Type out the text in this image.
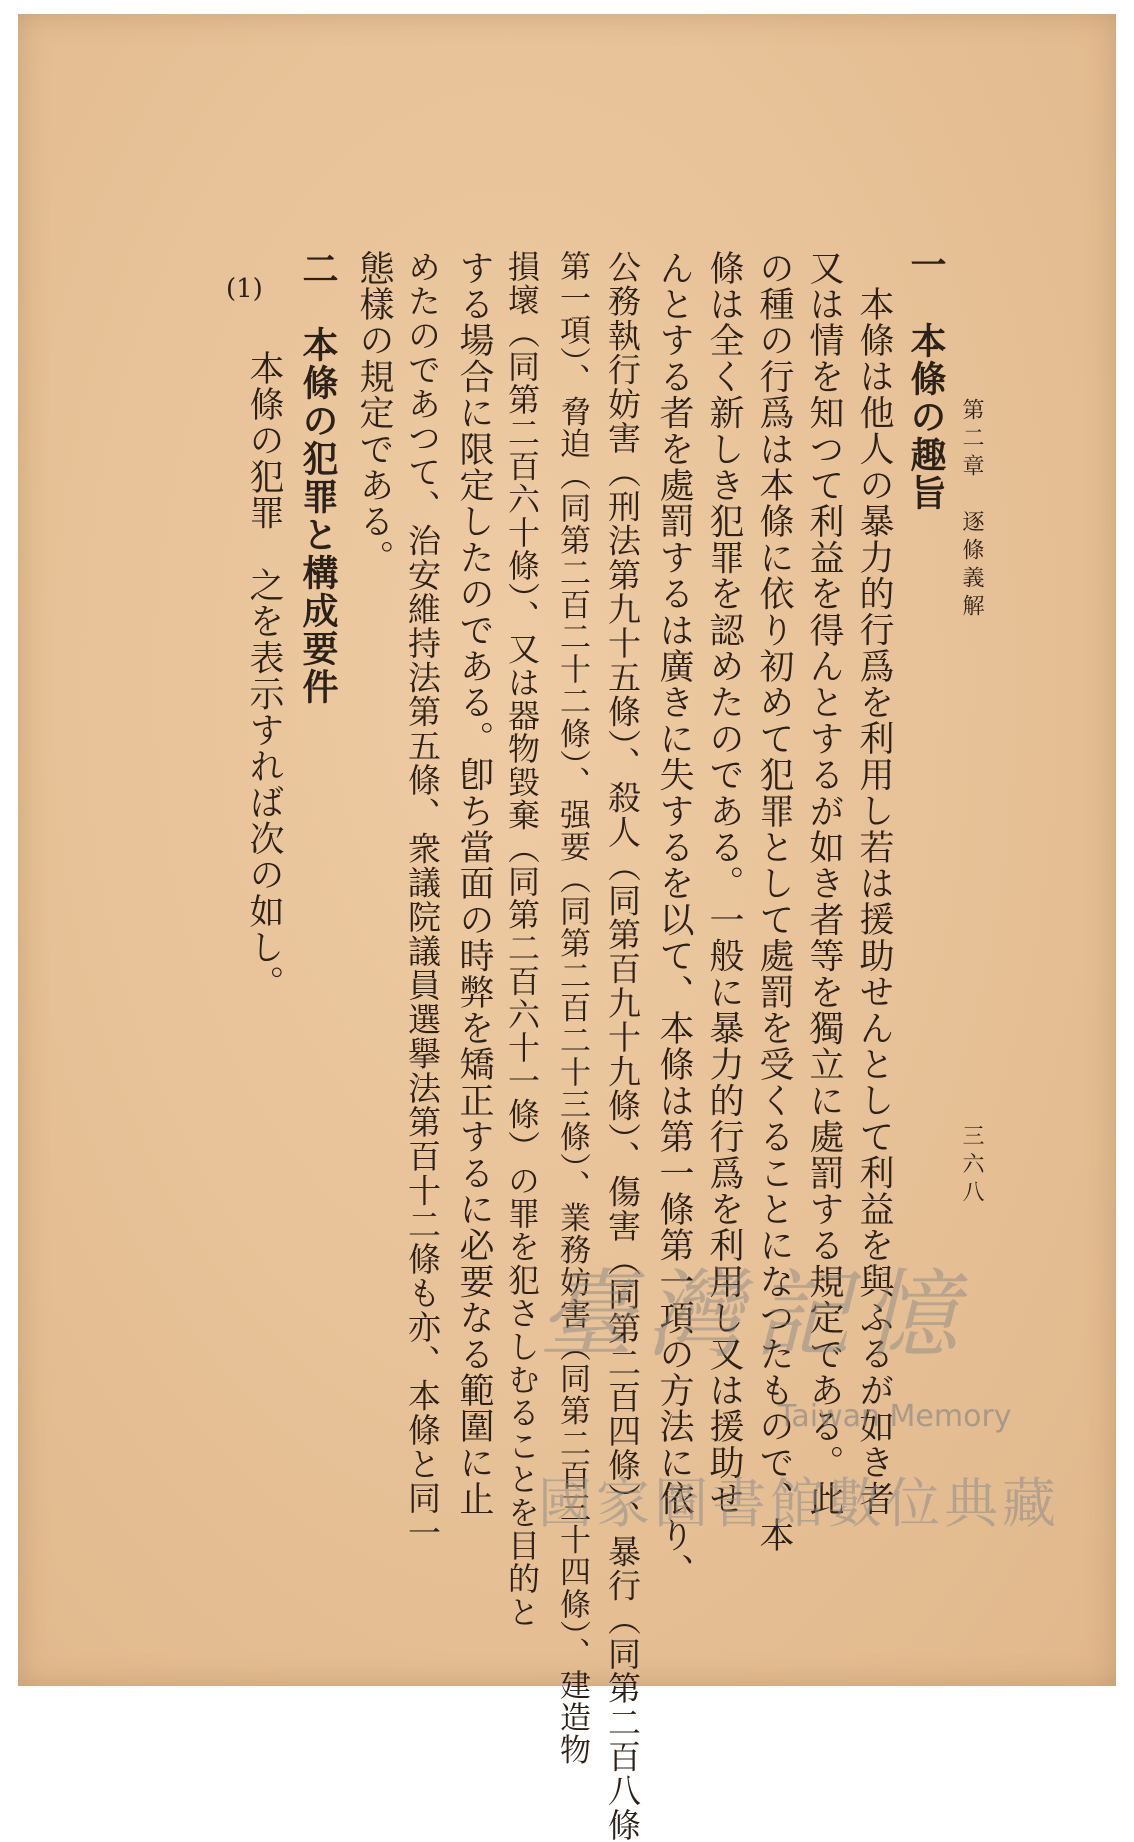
第二章　逐條義解
三六八
一　本條の趣旨
本條は他人の暴力的行爲を利用し若は援助せんとして利益を與ふるが如き者
又は情を知つて利益を得んとするが如き者等を獨立に處罰する規定である。此
の種の行爲は本條に依り初めて犯罪として處罰を受くることになつたもので、本
條は全く新しき犯罪を認めたのである。一般に暴力的行爲を利用し又は援助せ
んとする者を處罰するは廣きに失するを以て、本條は第一條第一項の方法に依り、
公務執行妨害（刑法第九十五條）、殺人（同第百九十九條）、傷害（同第二百四條）、暴行（同第二百八條
第一項）、脅迫（同第二百二十二條）、强要（同第二百二十三條）、業務妨害（同第二百三十四條）、建造物
損壞（同第二百六十條）、又は器物毀棄（同第二百六十一條）の罪を犯さしむることを目的と
する場合に限定したのである。卽ち當面の時弊を矯正するに必要なる範圍に止
めたのであつて、治安維持法第五條、衆議院議員選擧法第百十二條も亦、本條と同一
態樣の規定である。
二　本條の犯罪と構成要件
(1)
本條の犯罪　之を表示すれば次の如し。
臺灣記憶
Taiwan Memory
國家圖書館數位典藏
